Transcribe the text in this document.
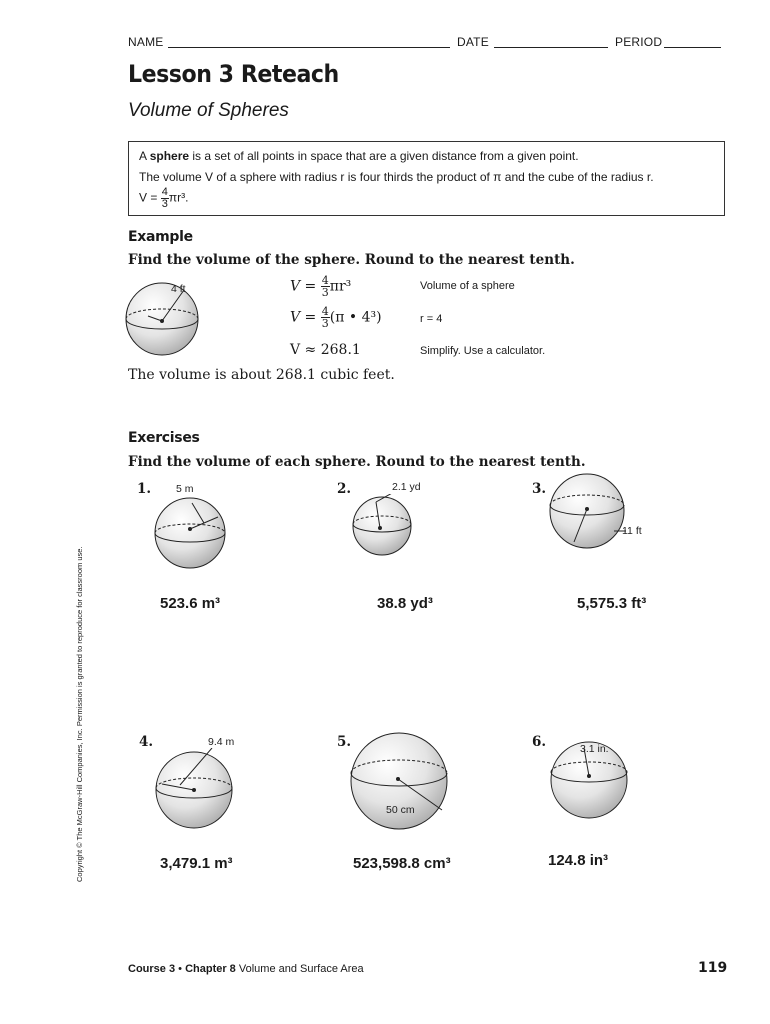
NAME	DATE	PERIOD
Lesson 3 Reteach
Volume of Spheres
A sphere is a set of all points in space that are a given distance from a given point.
The volume V of a sphere with radius r is four thirds the product of π and the cube of the radius r.
$V = \frac{4}{3} \pi r^3$.
Example
Find the volume of the sphere. Round to the nearest tenth.
4 ft	$V = \frac{4}{3} \pi r^3$	Volume of a sphere
$V = \frac{4}{3} (\pi$ • 4³)	r = 4
V ≈ 268.1	Simplify. Use a calculator.
The volume is about 268.1 cubic feet.
Exercises
Find the volume of each sphere. Round to the nearest tenth.
1. 5 m
523.6 m³
2.	2.1 yd
38.8 yd³
3.
11 ft
5,575.3 ft³
4.	9.4 m
3,479.1 m³
5.
50 cm
523,598.8 cm³
6.	3.1 in.
124.8 in³
Copyright © The McGraw-Hill Companies, Inc. Permission is granted to reproduce for classroom use.
Course 3 • Chapter 8 Volume and Surface Area	119
